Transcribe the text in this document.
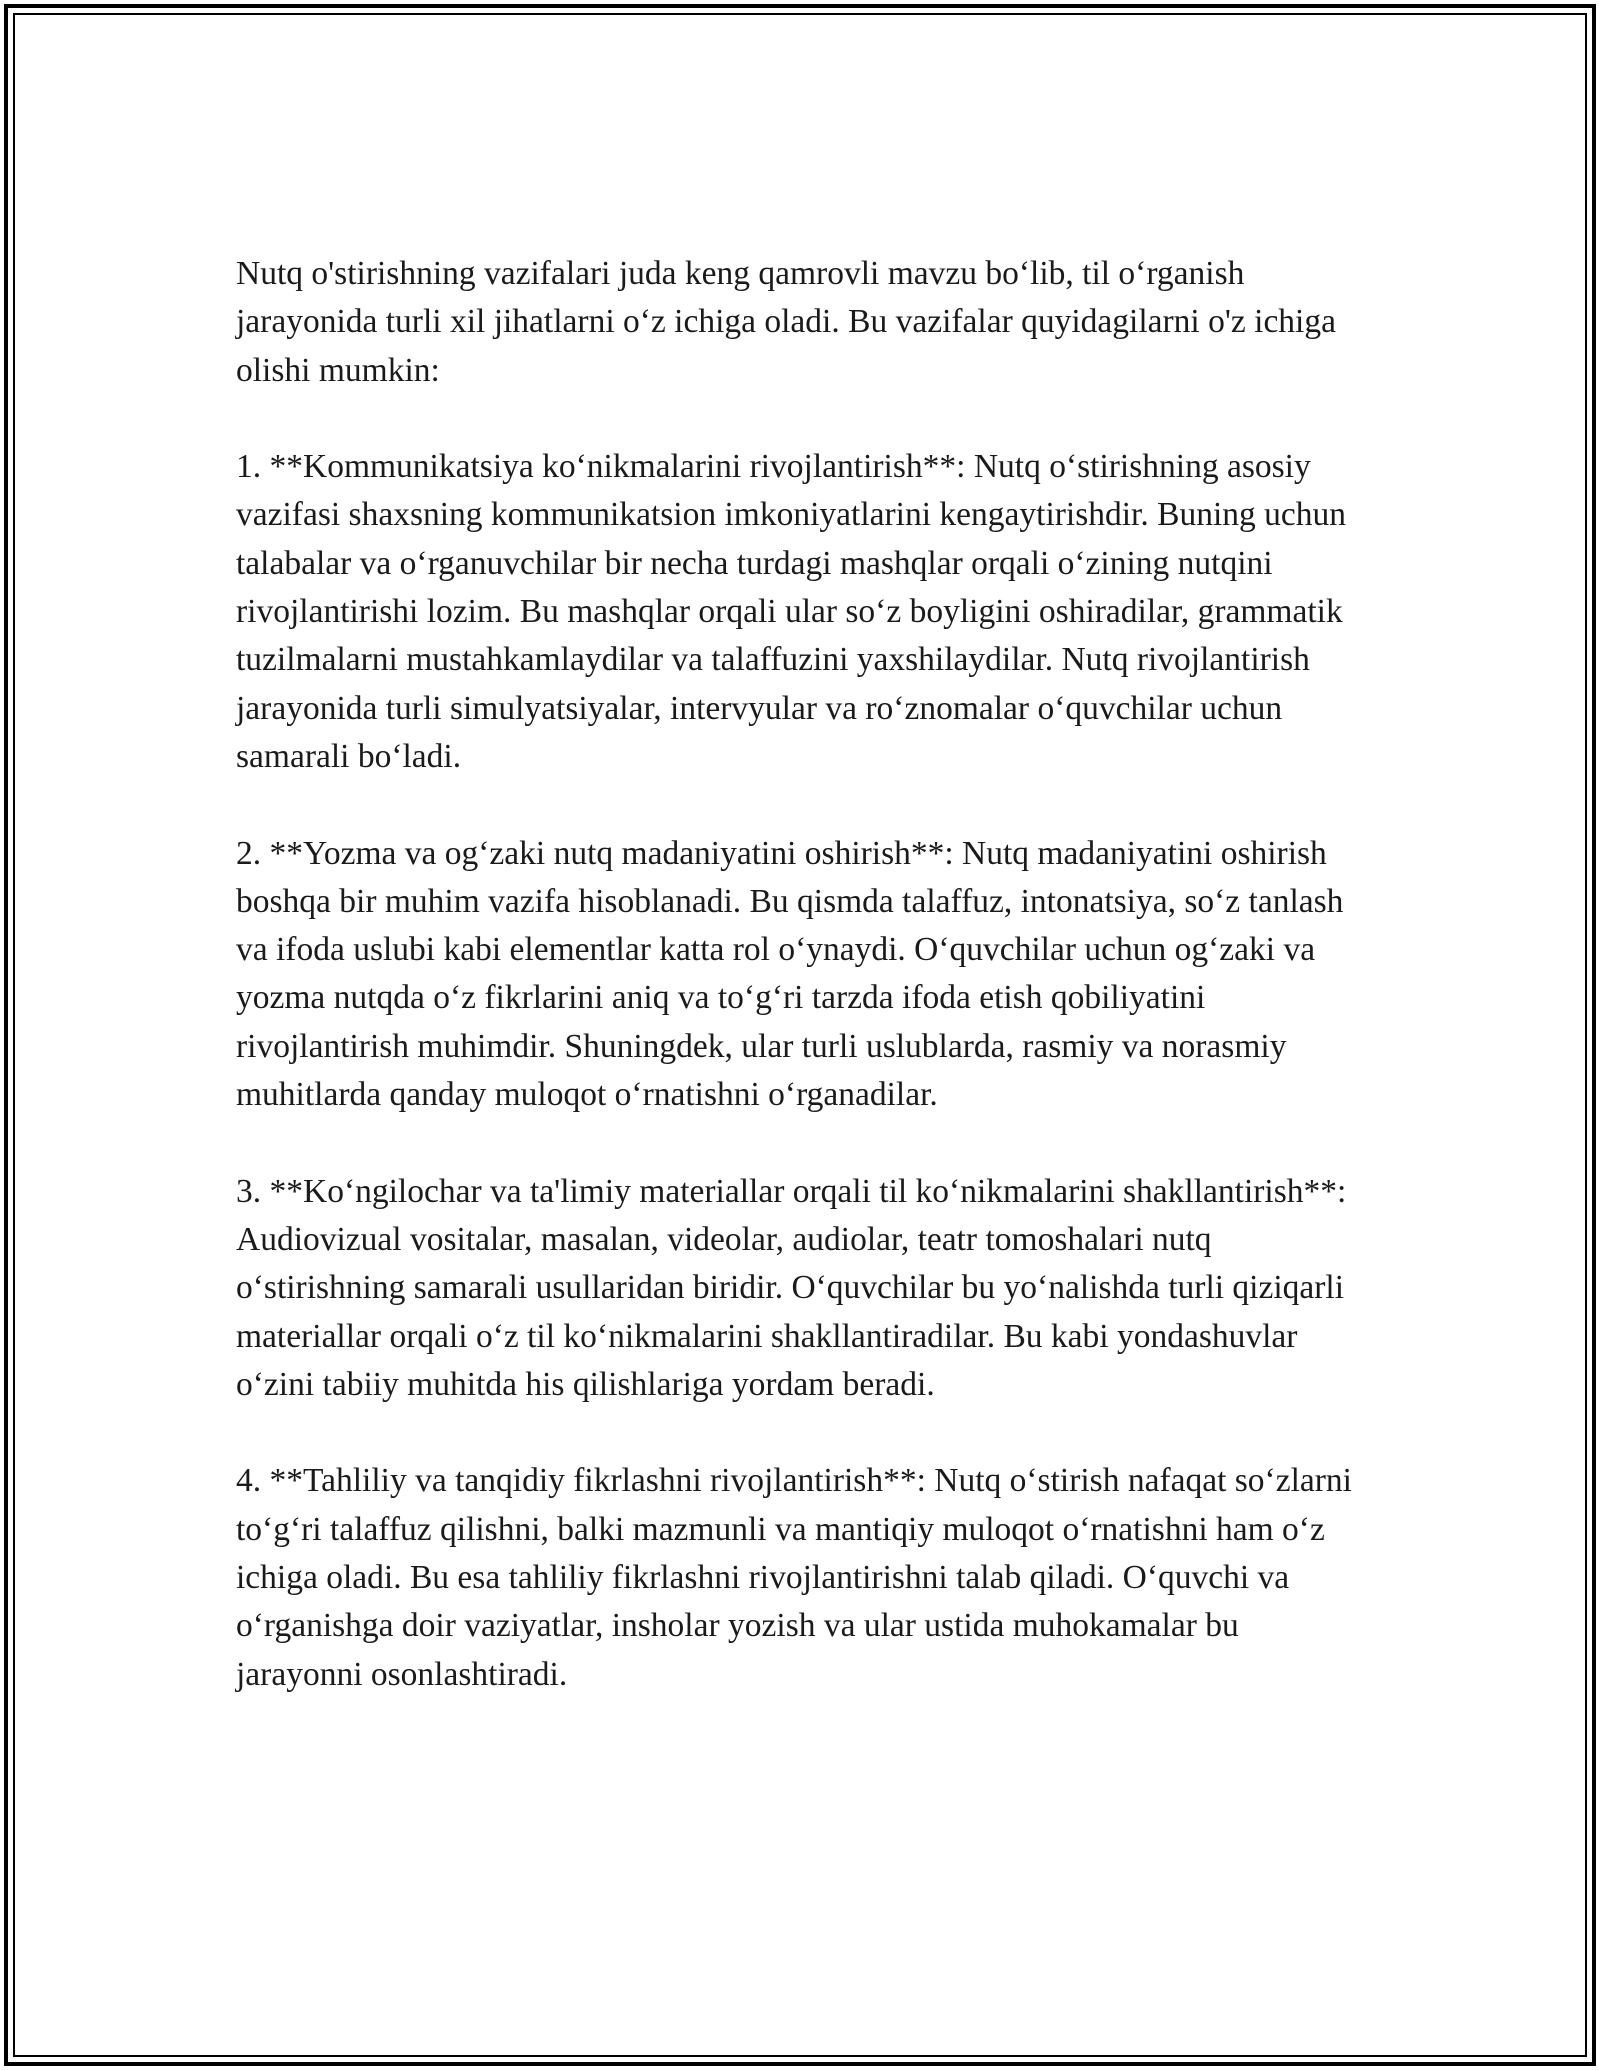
Nutq o'stirishning vazifalari juda keng qamrovli mavzu bo‘lib, til o‘rganish jarayonida turli xil jihatlarni o‘z ichiga oladi. Bu vazifalar quyidagilarni o'z ichiga olishi mumkin:

1. **Kommunikatsiya ko‘nikmalarini rivojlantirish**: Nutq o‘stirishning asosiy vazifasi shaxsning kommunikatsion imkoniyatlarini kengaytirishdir. Buning uchun talabalar va o‘rganuvchilar bir necha turdagi mashqlar orqali o‘zining nutqini rivojlantirishi lozim. Bu mashqlar orqali ular so‘z boyligini oshiradilar, grammatik tuzilmalarni mustahkamlaydilar va talaffuzini yaxshilaydilar. Nutq rivojlantirish jarayonida turli simulyatsiyalar, intervyular va ro‘znomalar o‘quvchilar uchun samarali bo‘ladi.

2. **Yozma va og‘zaki nutq madaniyatini oshirish**: Nutq madaniyatini oshirish boshqa bir muhim vazifa hisoblanadi. Bu qismda talaffuz, intonatsiya, so‘z tanlash va ifoda uslubi kabi elementlar katta rol o‘ynaydi. O‘quvchilar uchun og‘zaki va yozma nutqda o‘z fikrlarini aniq va to‘g‘ri tarzda ifoda etish qobiliyatini rivojlantirish muhimdir. Shuningdek, ular turli uslublarda, rasmiy va norasmiy muhitlarda qanday muloqot o‘rnatishni o‘rganadilar.

3. **Ko‘ngilochar va ta'limiy materiallar orqali til ko‘nikmalarini shakllantirish**: Audiovizual vositalar, masalan, videolar, audiolar, teatr tomoshalari nutq o‘stirishning samarali usullaridan biridir. O‘quvchilar bu yo‘nalishda turli qiziqarli materiallar orqali o‘z til ko‘nikmalarini shakllantiradilar. Bu kabi yondashuvlar o‘zini tabiiy muhitda his qilishlariga yordam beradi.

4. **Tahliliy va tanqidiy fikrlashni rivojlantirish**: Nutq o‘stirish nafaqat so‘zlarni to‘g‘ri talaffuz qilishni, balki mazmunli va mantiqiy muloqot o‘rnatishni ham o‘z ichiga oladi. Bu esa tahliliy fikrlashni rivojlantirishni talab qiladi. O‘quvchi va o‘rganishga doir vaziyatlar, insholar yozish va ular ustida muhokamalar bu jarayonni osonlashtiradi.
